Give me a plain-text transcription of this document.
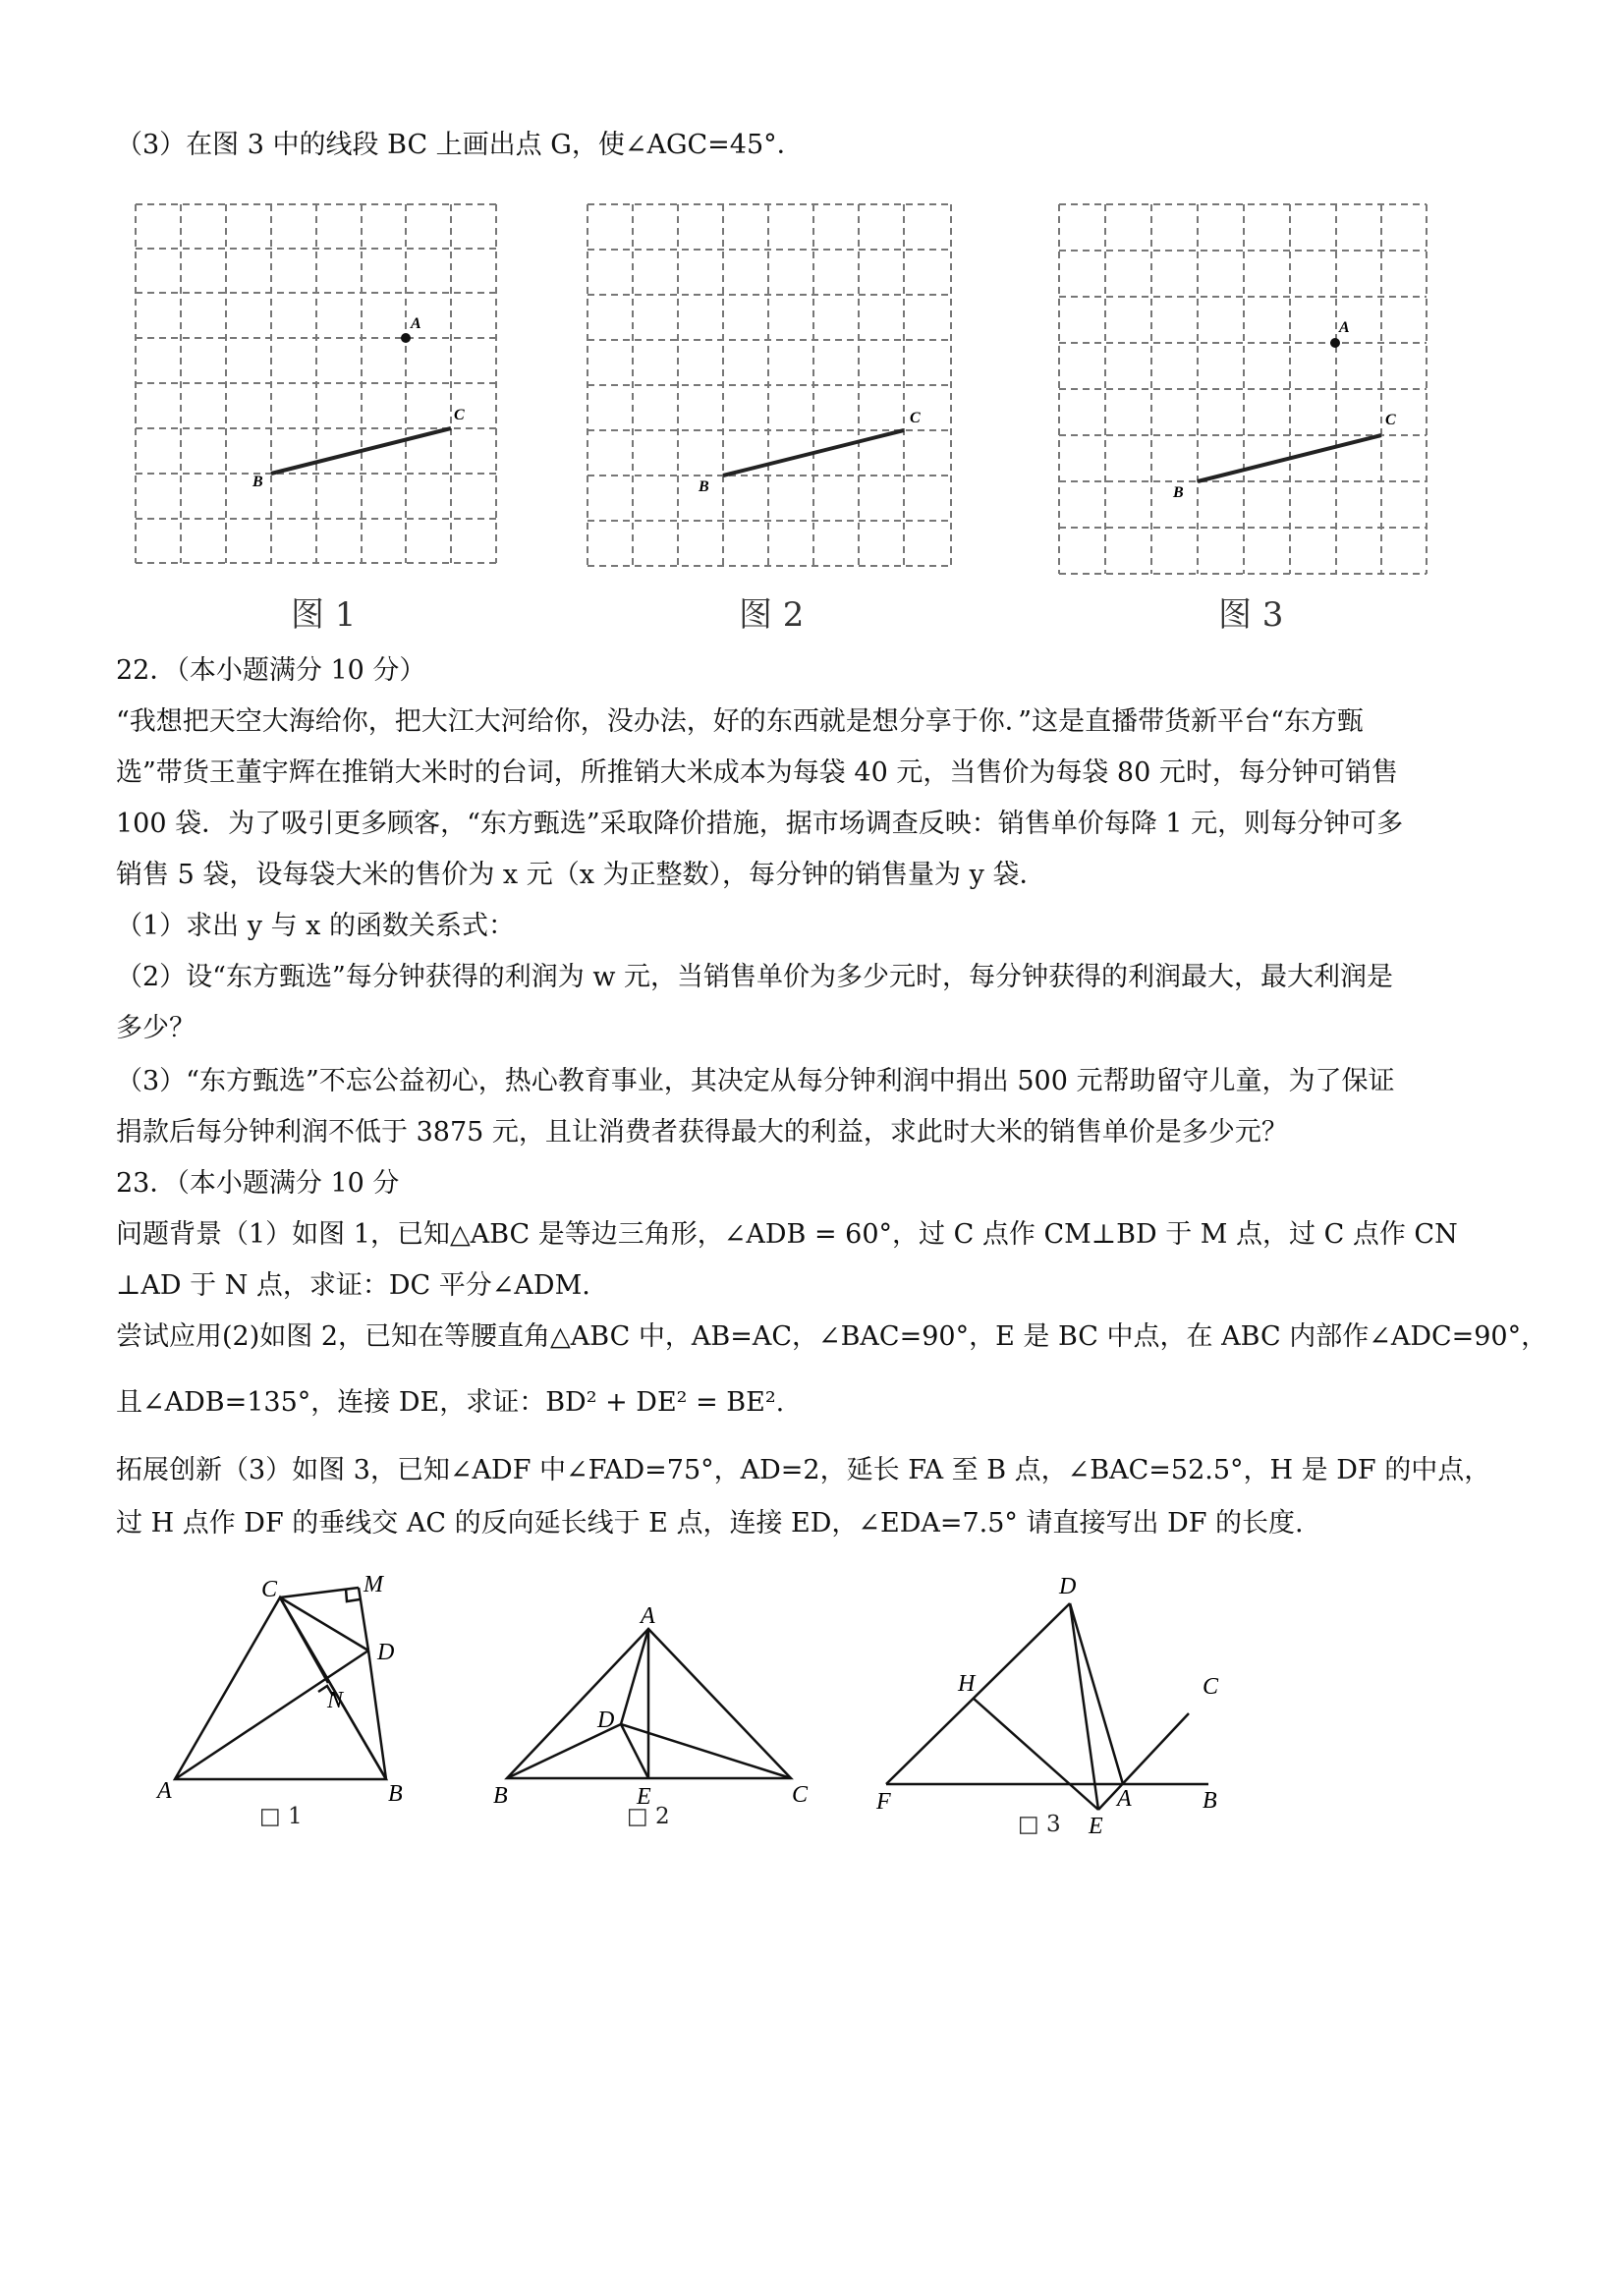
（3）在图 3 中的线段 BC 上画出点 G，使∠AGC=45°．
A
B
C
B
C
A
B
C
图 1	图 2	图 3
22．（本小题满分 10 分）
“我想把天空大海给你，把大江大河给你，没办法，好的东西就是想分享于你．”这是直播带货新平台“东方甄
选”带货王董宇辉在推销大米时的台词，所推销大米成本为每袋 40 元，当售价为每袋 80 元时，每分钟可销售
100 袋．为了吸引更多顾客，“东方甄选”采取降价措施，据市场调查反映：销售单价每降 1 元，则每分钟可多
销售 5 袋，设每袋大米的售价为 x 元（x 为正整数），每分钟的销售量为 y 袋．
（1）求出 y 与 x 的函数关系式：
（2）设“东方甄选”每分钟获得的利润为 w 元，当销售单价为多少元时，每分钟获得的利润最大，最大利润是
多少？
（3）“东方甄选”不忘公益初心，热心教育事业，其决定从每分钟利润中捐出 500 元帮助留守儿童，为了保证
捐款后每分钟利润不低于 3875 元，且让消费者获得最大的利益，求此时大米的销售单价是多少元？
23．（本小题满分 10 分
问题背景（1）如图 1，已知△ABC 是等边三角形，∠ADB = 60°，过 C 点作 CM⊥BD 于 M 点，过 C 点作 CN
⊥AD 于 N 点，求证：DC 平分∠ADM.
尝试应用(2)如图 2，已知在等腰直角△ABC 中，AB=AC，∠BAC=90°，E 是 BC 中点，在 ABC 内部作∠ADC=90°，
且∠ADB=135°，连接 DE，求证：BD² + DE² = BE².
拓展创新（3）如图 3，已知∠ADF 中∠FAD=75°，AD=2，延长 FA 至 B 点，∠BAC=52.5°，H 是 DF 的中点，
过 H 点作 DF 的垂线交 AC 的反向延长线于 E 点，连接 ED，∠EDA=7.5° 请直接写出 DF 的长度.
A	B
C
D
M
N
A
B	C
D
E	A	B
C
D
E
F
H
□ 1	□ 2	□ 3
